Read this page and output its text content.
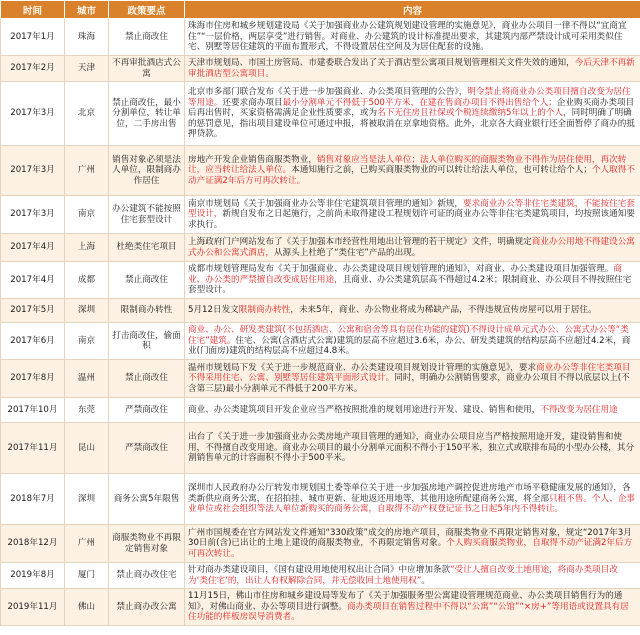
时间	城市	政策要点	内容
2017年1月	珠海	禁止商改住	珠海市住房和城乡规划建设局《关于加强商业办公建筑规划建设管理的实施意见》，商业办公项目一律不得以“宜商宜住”“一层价格，两层享受”进行销售。对商业、办公建筑的设计标准提出要求，其建筑内部严禁设计成可采用类似住宅、别墅等居住建筑的平面布置形式，不得设置居住空间及为居住配套的设施。
2017年2月	天津	不再审批酒店式公寓	天津市规划局、市国土房管局、市建委联合发出了关于酒店型公寓项目规划管理相关文件失效的通知，今后天津不再新审批酒店型公寓项目。
2017年3月	北京	禁止商改住，最小分割单位，转让单位，二手房出售	北京市多部门联合发布《关于进一步加强商业、办公类项目管理的公告》，明令禁止将商业办公类项目擅自改变为居住等用途。还要求商办项目最小分割单元不得低于500平方米，在建在售商办项目不得出售给个人；企业购买商办类项目后再出售时，买家资格需满足企业性质要求，或为名下无住房且社保或个税连续缴纳5年以上的个人，同时明确了明确的惩罚意见，指出项目建设单位可通过申报，将被取消在京拿地资格。此外，北京各大商业银行还全面暂停了商办的抵押贷款。
2017年3月	广州	销售对象必须是法人单位，限制商办作居住	房地产开发企业销售商服类物业，销售对象应当是法人单位；法人单位购买的商服类物业不得作为居住使用，再次转让，应当转让给法人单位。本通知施行之前，已购买商服类物业的可以转让给法人单位，也可转让给个人；个人取得不动产证满2年后方可再次转让。
2017年3月	南京	办公建筑不能按照住宅套型设计	南京市规划局《关于加强商业办公等非住宅建筑项目管理的通知》新规，要求商业办公等非住宅类建筑，不能按住宅套型设计，新规自发布之日起施行，之前尚未取得建设工程规划许可证的商业办公等非住宅类建筑项目，均按照该通知要求执行。
2017年4月	上海	杜绝类住宅项目	上海政府门户网站发布了《关于加强本市经营性用地出让管理的若干规定》文件，明确规定商业办公用地不得建设公寓式办公和公寓式酒店，从源头上杜绝了“类住宅”产品的出现。
2017年4月	成都	禁止商改住	成都市规划管理局发布《关于加强商业、办公类建设项目规划管理的通知》，对商业、办公类建设项目加强管理。商业、办公类的严禁擅自改变成居住用途，且商业、办公类建筑层高不得超过4.2米；限制商业、办公项目不得按照住宅套型设计。
2017年5月	深圳	限制商办转性	5月12日发文限制商办转性，未来5年，商业、办公物业将成为稀缺产品，不得违规宣传房屋可以用于居住。
2017年6月	南京	打击商改住，偷面积	商业、办公、研发类建筑(不包括酒店、公寓和宿舍等具有居住功能的建筑)不得设计成单元式办公、公寓式办公等“类住宅”建筑。住宅、公寓(含酒店式公寓)建筑的层高不应超过3.6米，办公、研发类建筑的结构层高不应超过4.2米，商业(门面房)建筑的结构层高不应超过4.8米。
2017年8月	温州	禁止商改住	温州市规划局下发《关于进一步规范商业、办公类建设项目规划设计管理的实施意见》，要求商业办公等非住宅类项目不得采用住宅、公寓、别墅等居住建筑平面形式设计。同时，明确办公割销售要求，商业办公项目不得以底层以上(不含第三层)最小分割单元不得低于200平方米。
2017年10月	东莞	严禁商改住	商业、办公类建筑项目开发企业应当严格按照批准的规划用途进行开发、建设、销售和使用，不得改变为居住用途
2017年11月	昆山	严禁商改住	出台了《关于进一步加强商业办公类房地产项目管理的通知》，商业办公项目应当严格按照用途开发，建设销售和使用，不得擅自改变用途。商业办公项目的最小分割单元面积不得小于150平米，独立式或联排布局的小型办公楼，其分割销售单元的计容面积不得小于500平米。
2018年7月	深圳	商务公寓5年限售	深圳市人民政府办公厅转发市规划国土委等单位关于进一步加强房地产调控促进房地产市场平稳健康发展的通知》，各类新供应商务公寓，在招拍挂、城市更新、征地返还用地等，其他用途所配建商务公寓，将全部只租不售。个人、企事业单位或社会组织等法人单位新购买的商务公寓，自取得不动产权登记证书之日起5年内不得转让。
2018年12月	广州	商服类物业不再限定销售对象	广州市国规委在官方网站发文件通知“330政策”成交的房地产项目，商服类物业不再限定销售对象，规定“2017年3月30日前(含)已出让的土地上建设的商服类物业，不再限定销售对象。个人购买商服类物业，自取得不动产证满2年后方可再次转让。
2019年8月	厦门	禁止商办改住宅	针对商办类建设项目，《国有建设用地使用权出让合同》中应增加条款“受让人擅自改变土地用途，将商办类项目改为‘类住宅’的，出让人有权解除合同，并无偿收回土地使用权”。
2019年11月	佛山	禁止商办改公寓	11月15日，佛山市住房和城乡建设局等发布了《关于加强服务型公寓建设管理规范商业、办公类项目销售行为的通知》，对佛山商业、办公等项目进行调整。商办类项目在销售过程中不得以“公寓”“公馆”“×房+”等用语或设置具有居住功能的样板房误导消费者。
